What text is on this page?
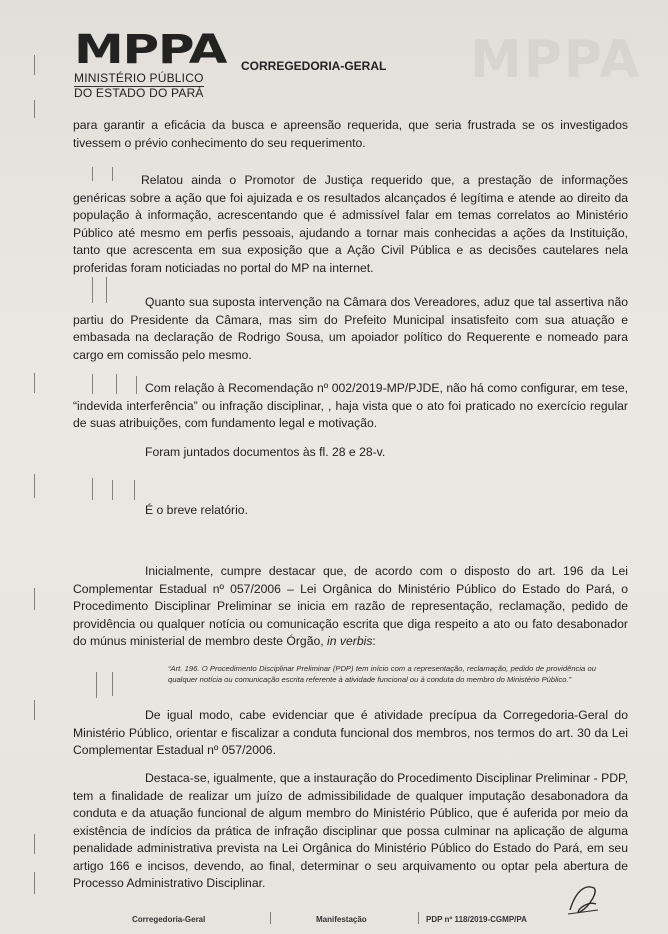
MPPA
MPPA
MINISTÉRIO PÚBLICO
DO ESTADO DO PARÁ
CORREGEDORIA-GERAL
para garantir a eficácia da busca e apreensão requerida, que seria frustrada se os investigados tivessem o prévio conhecimento do seu requerimento.
Relatou ainda o Promotor de Justiça requerido que, a prestação de informações genéricas sobre a ação que foi ajuizada e os resultados alcançados é legítima e atende ao direito da população à informação, acrescentando que é admissível falar em temas correlatos ao Ministério Público até mesmo em perfis pessoais, ajudando a tornar mais conhecidas a ações da Instituição, tanto que acrescenta em sua exposição que a Ação Civil Pública e as decisões cautelares nela proferidas foram noticiadas no portal do MP na internet.
Quanto sua suposta intervenção na Câmara dos Vereadores, aduz que tal assertiva não partiu do Presidente da Câmara, mas sim do Prefeito Municipal insatisfeito com sua atuação e embasada na declaração de Rodrigo Sousa, um apoiador político do Requerente e nomeado para cargo em comissão pelo mesmo.
Com relação à Recomendação nº 002/2019-MP/PJDE, não há como configurar, em tese, “indevida interferência” ou infração disciplinar, , haja vista que o ato foi praticado no exercício regular de suas atribuições, com fundamento legal e motivação.
Foram juntados documentos às fl. 28 e 28-v.
É o breve relatório.
Inicialmente, cumpre destacar que, de acordo com o disposto do art. 196 da Lei Complementar Estadual nº 057/2006 – Lei Orgânica do Ministério Público do Estado do Pará, o Procedimento Disciplinar Preliminar se inicia em razão de representação, reclamação, pedido de providência ou qualquer notícia ou comunicação escrita que diga respeito a ato ou fato desabonador do múnus ministerial de membro deste Órgão, in verbis:
“Art. 196. O Procedimento Disciplinar Preliminar (PDP) tem início com a representação, reclamação, pedido de providência ou qualquer notícia ou comunicação escrita referente à atividade funcional ou à conduta do membro do Ministério Público.”
De igual modo, cabe evidenciar que é atividade precípua da Corregedoria-Geral do Ministério Público, orientar e fiscalizar a conduta funcional dos membros, nos termos do art. 30 da Lei Complementar Estadual nº 057/2006.
Destaca-se, igualmente, que a instauração do Procedimento Disciplinar Preliminar - PDP, tem a finalidade de realizar um juízo de admissibilidade de qualquer imputação desabonadora da conduta e da atuação funcional de algum membro do Ministério Público, que é auferida por meio da existência de indícios da prática de infração disciplinar que possa culminar na aplicação de alguma penalidade administrativa prevista na Lei Orgânica do Ministério Público do Estado do Pará, em seu artigo 166 e incisos, devendo, ao final, determinar o seu arquivamento ou optar pela abertura de Processo Administrativo Disciplinar.
Corregedoria-Geral	Manifestação	PDP nº 118/2019-CGMP/PA
